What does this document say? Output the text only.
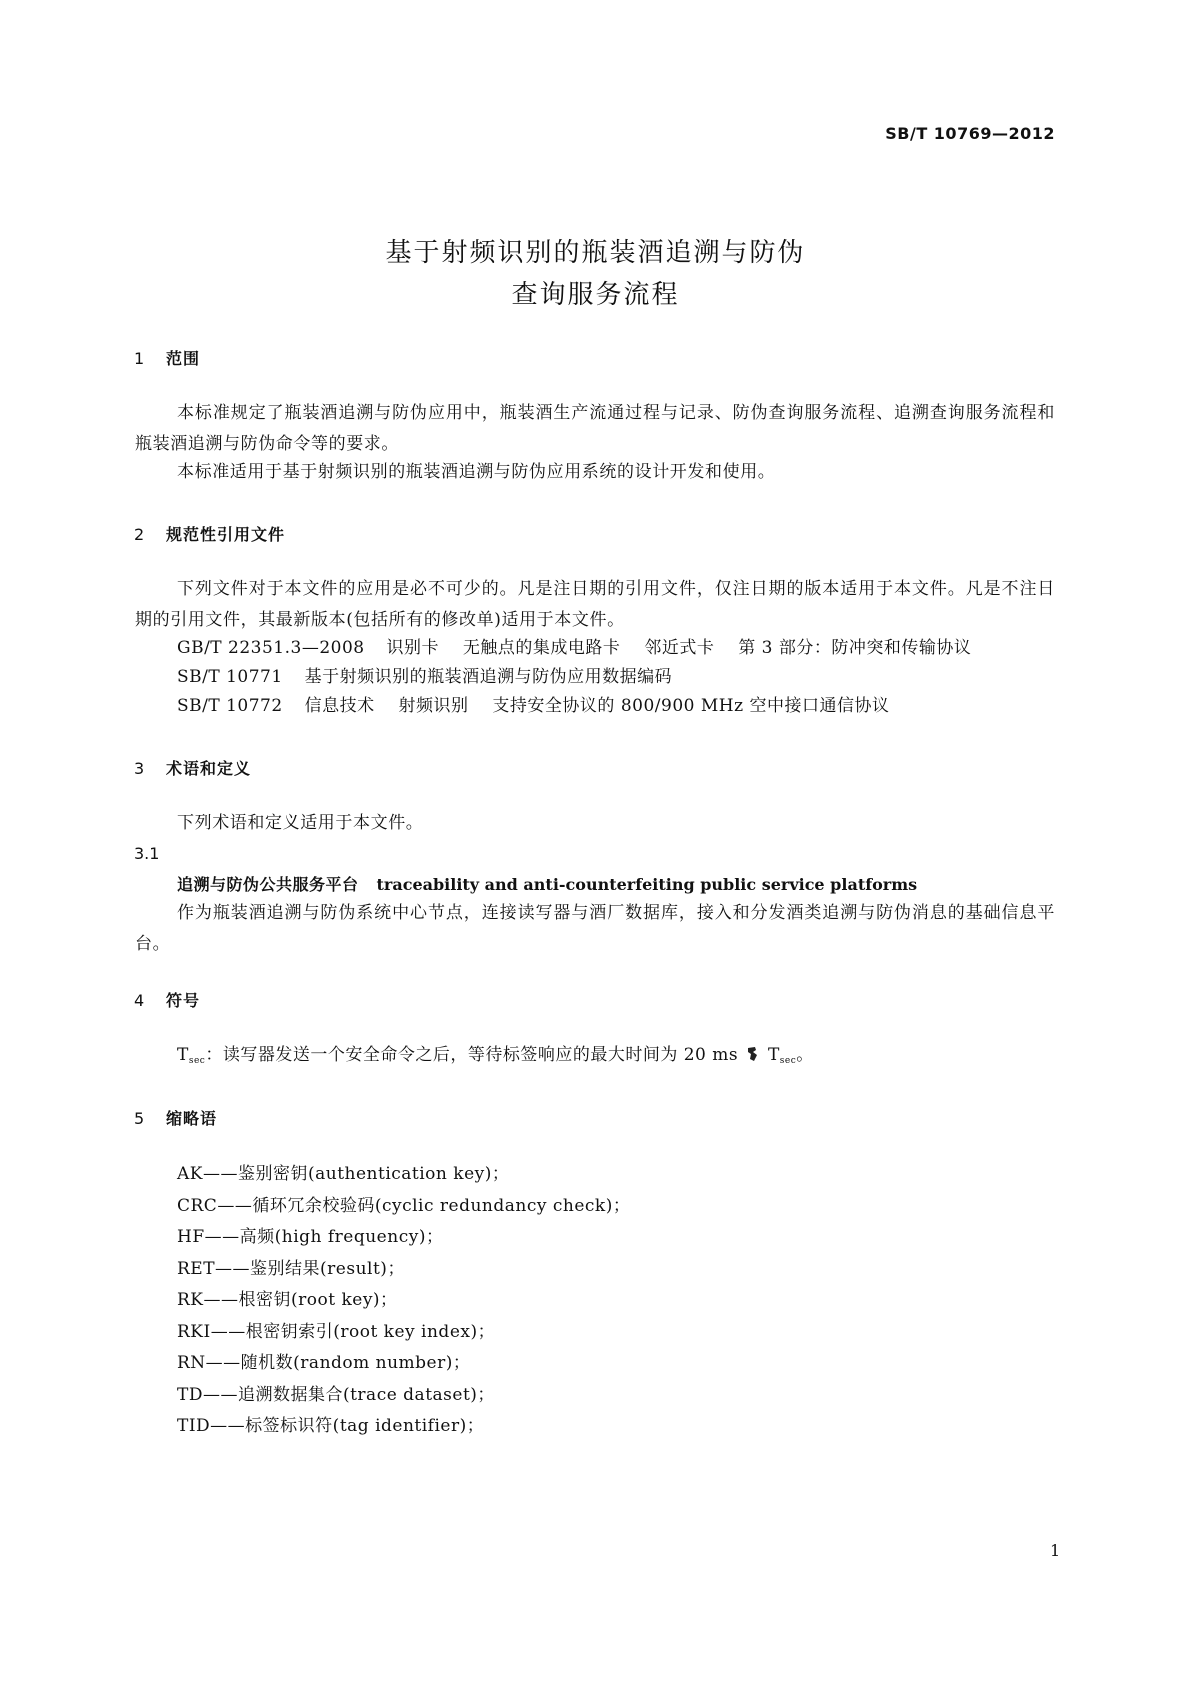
SB/T 10769—2012
基于射频识别的瓶装酒追溯与防伪
查询服务流程
1 范围
本标准规定了瓶装酒追溯与防伪应用中，瓶装酒生产流通过程与记录、防伪查询服务流程、追溯查询服务流程和瓶装酒追溯与防伪命令等的要求。
本标准适用于基于射频识别的瓶装酒追溯与防伪应用系统的设计开发和使用。
2 规范性引用文件
下列文件对于本文件的应用是必不可少的。凡是注日期的引用文件，仅注日期的版本适用于本文件。凡是不注日期的引用文件，其最新版本(包括所有的修改单)适用于本文件。
GB/T 22351.3—2008 识别卡 无触点的集成电路卡 邻近式卡 第 3 部分：防冲突和传输协议
SB/T 10771 基于射频识别的瓶装酒追溯与防伪应用数据编码
SB/T 10772 信息技术 射频识别 支持安全协议的 800/900 MHz 空中接口通信协议
3 术语和定义
下列术语和定义适用于本文件。
3.1
追溯与防伪公共服务平台 traceability and anti-counterfeiting public service platforms
作为瓶装酒追溯与防伪系统中心节点，连接读写器与酒厂数据库，接入和分发酒类追溯与防伪消息的基础信息平台。
4 符号
$T_{sec}$：读写器发送一个安全命令之后，等待标签响应的最大时间为 20 ms $T_{sec}$。
5 缩略语
AK——鉴别密钥(authentication key)；
CRC——循环冗余校验码(cyclic redundancy check)；
HF——高频(high frequency)；
RET——鉴别结果(result)；
RK——根密钥(root key)；
RKI——根密钥索引(root key index)；
RN——随机数(random number)；
TD——追溯数据集合(trace dataset)；
TID——标签标识符(tag identifier)；
1
